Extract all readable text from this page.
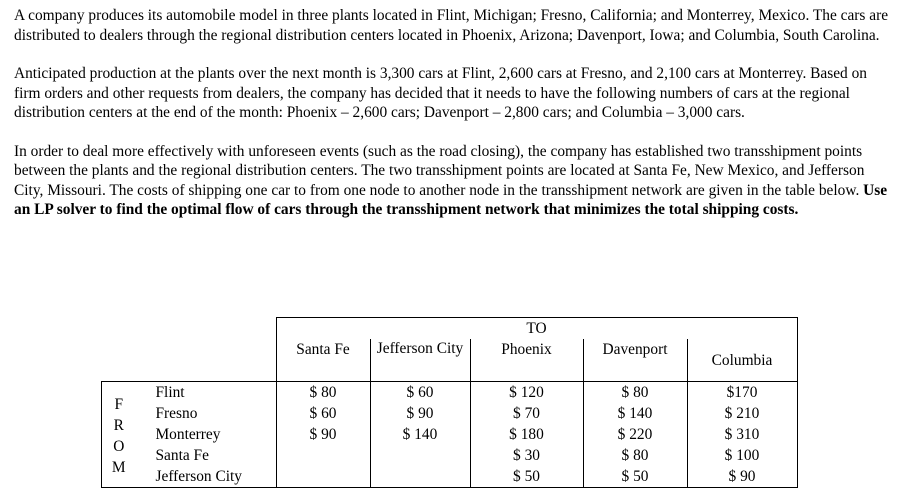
A company produces its automobile model in three plants located in Flint, Michigan; Fresno, California; and Monterrey, Mexico. The cars are distributed to dealers through the regional distribution centers located in Phoenix, Arizona; Davenport, Iowa; and Columbia, South Carolina.

Anticipated production at the plants over the next month is 3,300 cars at Flint, 2,600 cars at Fresno, and 2,100 cars at Monterrey. Based on firm orders and other requests from dealers, the company has decided that it needs to have the following numbers of cars at the regional distribution centers at the end of the month: Phoenix – 2,600 cars; Davenport – 2,800 cars; and Columbia – 3,000 cars.

In order to deal more effectively with unforeseen events (such as the road closing), the company has established two transshipment points between the plants and the regional distribution centers. The two transshipment points are located at Santa Fe, New Mexico, and Jefferson City, Missouri. The costs of shipping one car to from one node to another node in the transshipment network are given in the table below. Use an LP solver to find the optimal flow of cars through the transshipment network that minimizes the total shipping costs.

		TO				
		Santa Fe	Jefferson City	Phoenix	Davenport	Columbia

F
R
O
M	Flint	$ 80	$ 60	$ 120	$ 80	$170
	Fresno	$ 60	$ 90	$ 70	$ 140	$ 210
	Monterrey	$ 90	$ 140	$ 180	$ 220	$ 310
	Santa Fe			$ 30	$ 80	$ 100
	Jefferson City			$ 50	$ 50	$ 90
